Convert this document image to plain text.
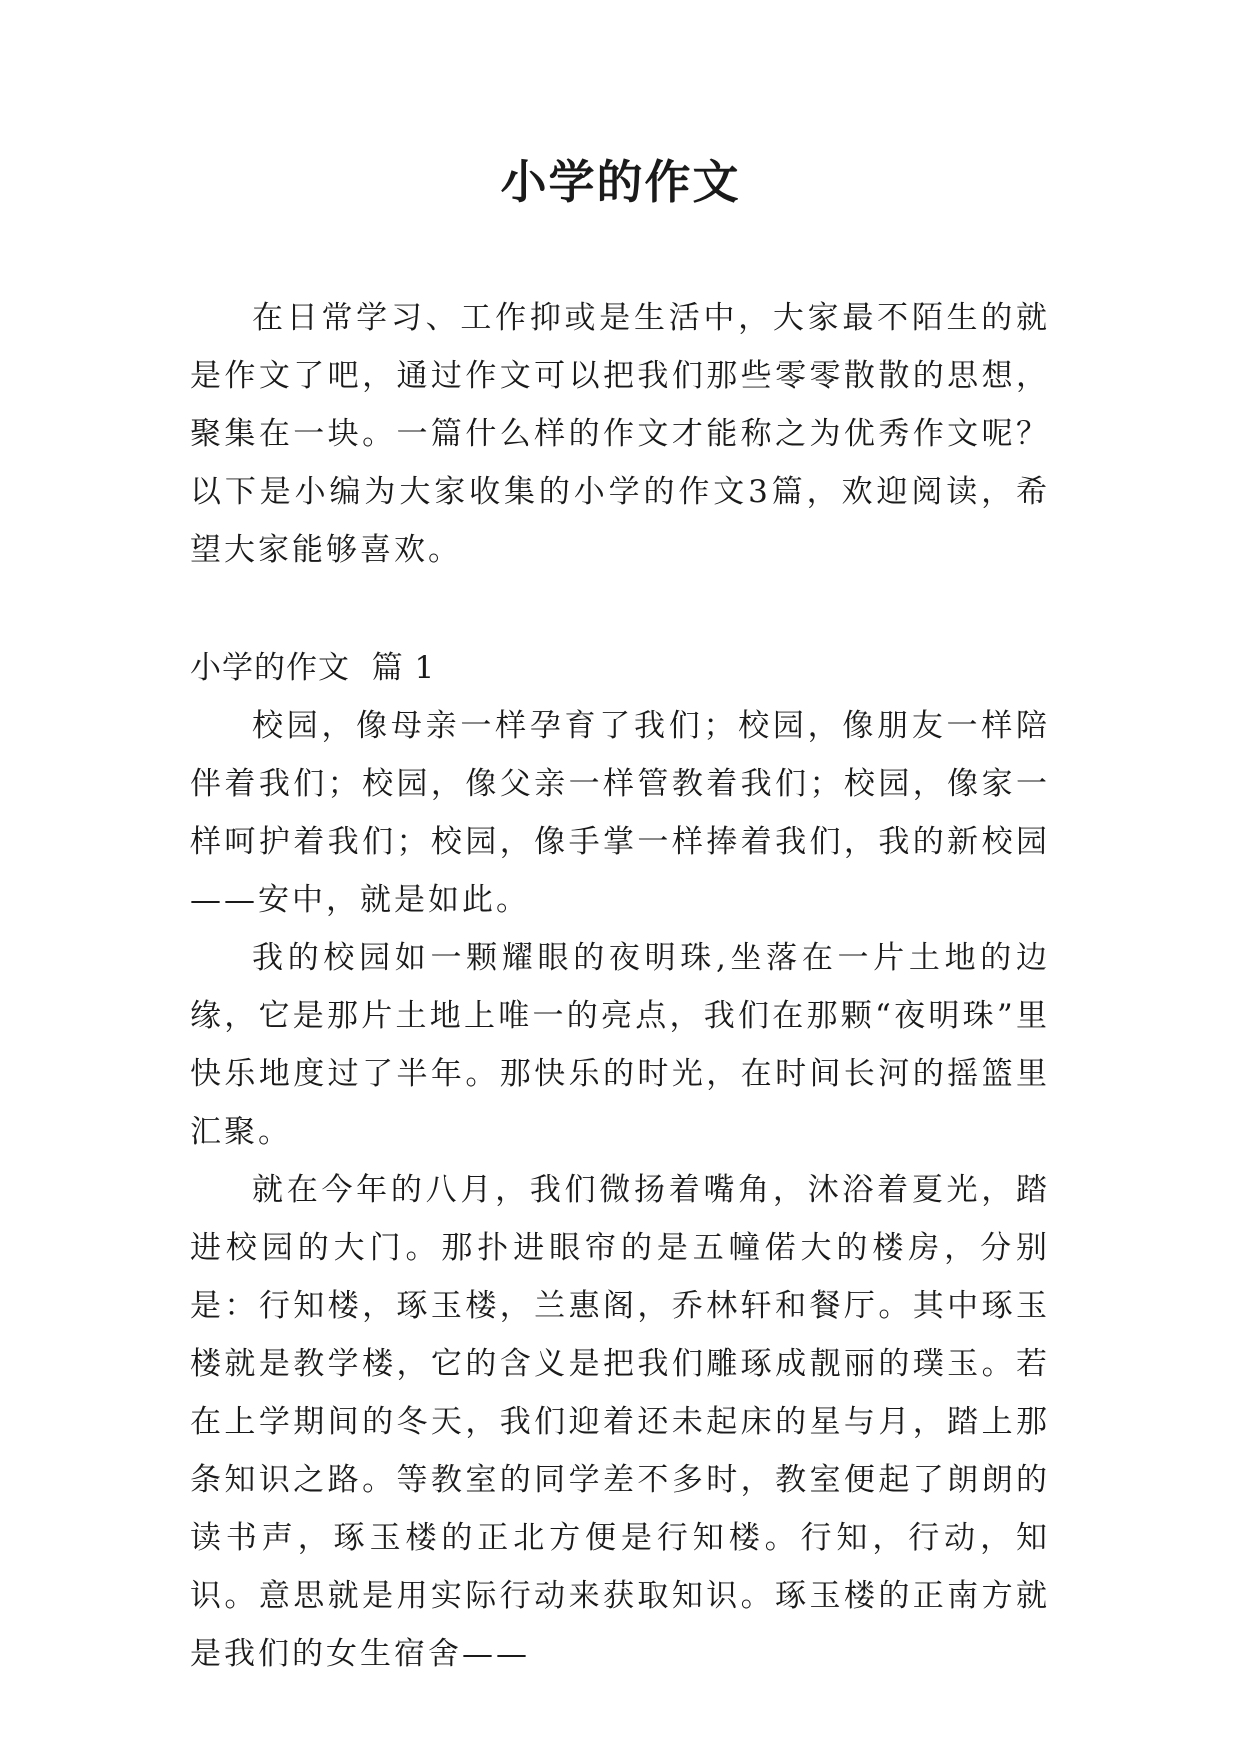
小学的作文

在日常学习、工作抑或是生活中，大家最不陌生的就是作文了吧，通过作文可以把我们那些零零散散的思想，聚集在一块。一篇什么样的作文才能称之为优秀作文呢？以下是小编为大家收集的小学的作文3篇，欢迎阅读，希望大家能够喜欢。

小学的作文  篇 1

校园，像母亲一样孕育了我们；校园，像朋友一样陪伴着我们；校园，像父亲一样管教着我们；校园，像家一样呵护着我们；校园，像手掌一样捧着我们，我的新校园——安中，就是如此。

我的校园如一颗耀眼的夜明珠,坐落在一片土地的边缘，它是那片土地上唯一的亮点，我们在那颗“夜明珠”里快乐地度过了半年。那快乐的时光，在时间长河的摇篮里汇聚。

就在今年的八月，我们微扬着嘴角，沐浴着夏光，踏进校园的大门。那扑进眼帘的是五幢偌大的楼房，分别是：行知楼，琢玉楼，兰惠阁，乔林轩和餐厅。其中琢玉楼就是教学楼，它的含义是把我们雕琢成靓丽的璞玉。若在上学期间的冬天，我们迎着还未起床的星与月，踏上那条知识之路。等教室的同学差不多时，教室便起了朗朗的读书声，琢玉楼的正北方便是行知楼。行知，行动，知识。意思就是用实际行动来获取知识。琢玉楼的正南方就是我们的女生宿舍——
